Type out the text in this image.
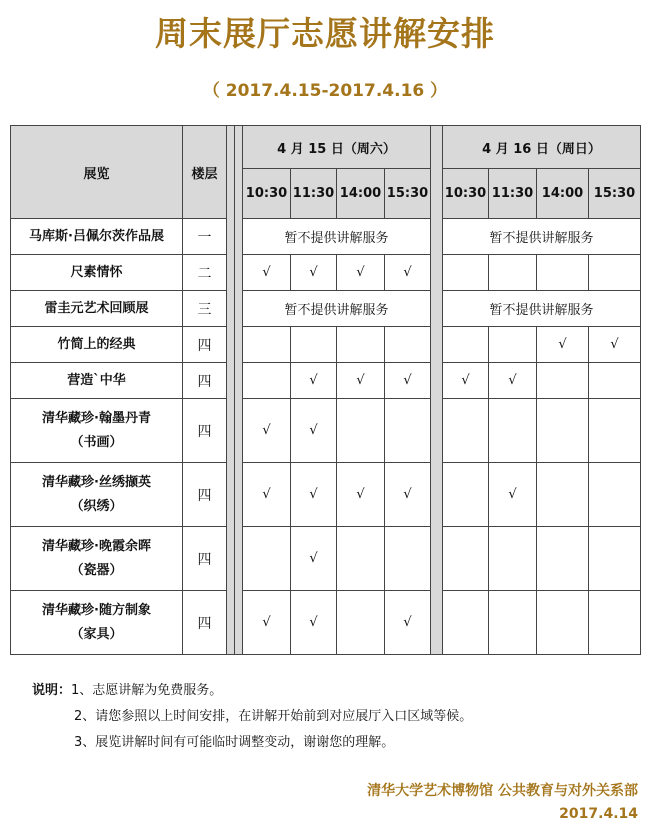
周末展厅志愿讲解安排
（ 2017.4.15-2017.4.16 ）
展览	楼层			4 月 15 日（周六）					4 月 16 日（周日）			
				10:30	11:30	14:00	15:30		10:30	11:30	14:00	15:30

马库斯·吕佩尔茨作品展	一			暂不提供讲解服务					暂不提供讲解服务			

尺素情怀	二			√	√	√	√					

雷圭元艺术回顾展	三			暂不提供讲解服务					暂不提供讲解服务			

竹简上的经典	四										√	√

营造`中华	四				√	√	√		√	√		

清华藏珍·翰墨丹青
（书画）	四			√	√							

清华藏珍·丝绣撷英
（织绣）	四			√	√	√	√			√		

清华藏珍·晚霞余晖
（瓷器）	四				√							

清华藏珍·随方制象
（家具）	四			√	√		√					
说明：1、志愿讲解为免费服务。
2、请您参照以上时间安排，在讲解开始前到对应展厅入口区域等候。
3、展览讲解时间有可能临时调整变动，谢谢您的理解。
清华大学艺术博物馆 公共教育与对外关系部
2017.4.14
